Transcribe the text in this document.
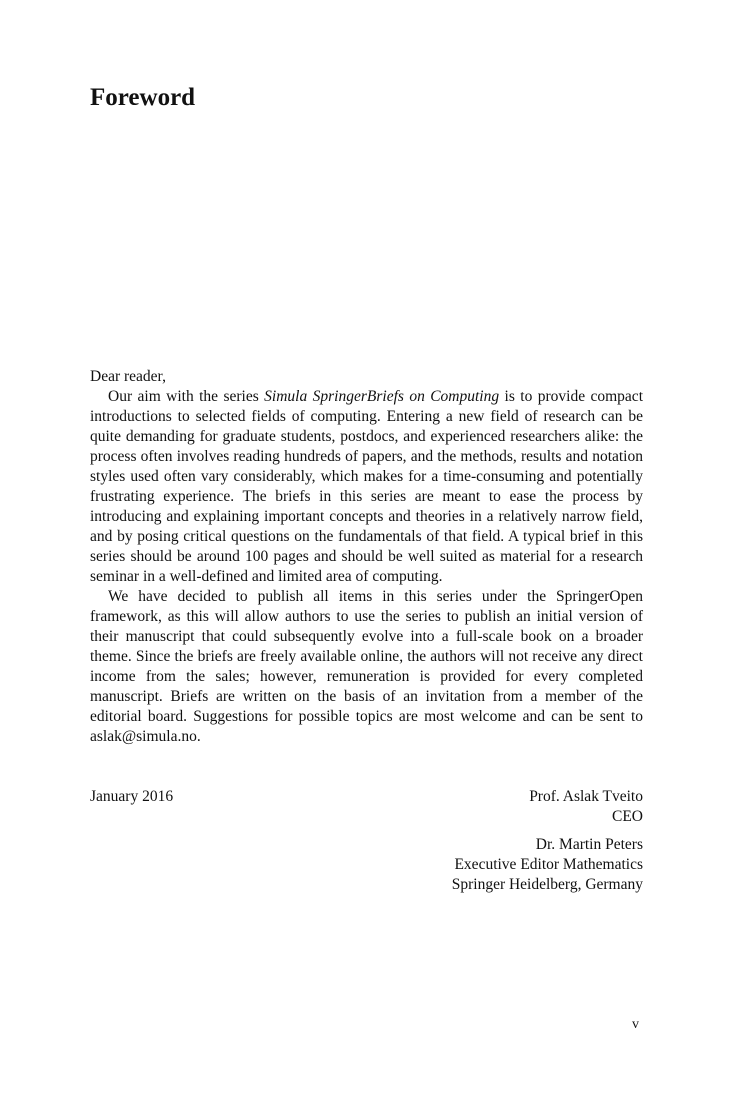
Foreword

Dear reader,

Our aim with the series Simula SpringerBriefs on Computing is to provide compact introductions to selected fields of computing. Entering a new field of research can be quite demanding for graduate students, postdocs, and experienced researchers alike: the process often involves reading hundreds of papers, and the methods, results and notation styles used often vary considerably, which makes for a time-consuming and potentially frustrating experience. The briefs in this series are meant to ease the process by introducing and explaining important concepts and theories in a relatively narrow field, and by posing critical questions on the fundamentals of that field. A typical brief in this series should be around 100 pages and should be well suited as material for a research seminar in a well-defined and limited area of computing.

We have decided to publish all items in this series under the SpringerOpen framework, as this will allow authors to use the series to publish an initial version of their manuscript that could subsequently evolve into a full-scale book on a broader theme. Since the briefs are freely available online, the authors will not receive any direct income from the sales; however, remuneration is provided for every completed manuscript. Briefs are written on the basis of an invitation from a member of the editorial board. Suggestions for possible topics are most welcome and can be sent to aslak@simula.no.

January 2016	Prof. Aslak Tveito
CEO
Dr. Martin Peters
Executive Editor Mathematics
Springer Heidelberg, Germany
v
